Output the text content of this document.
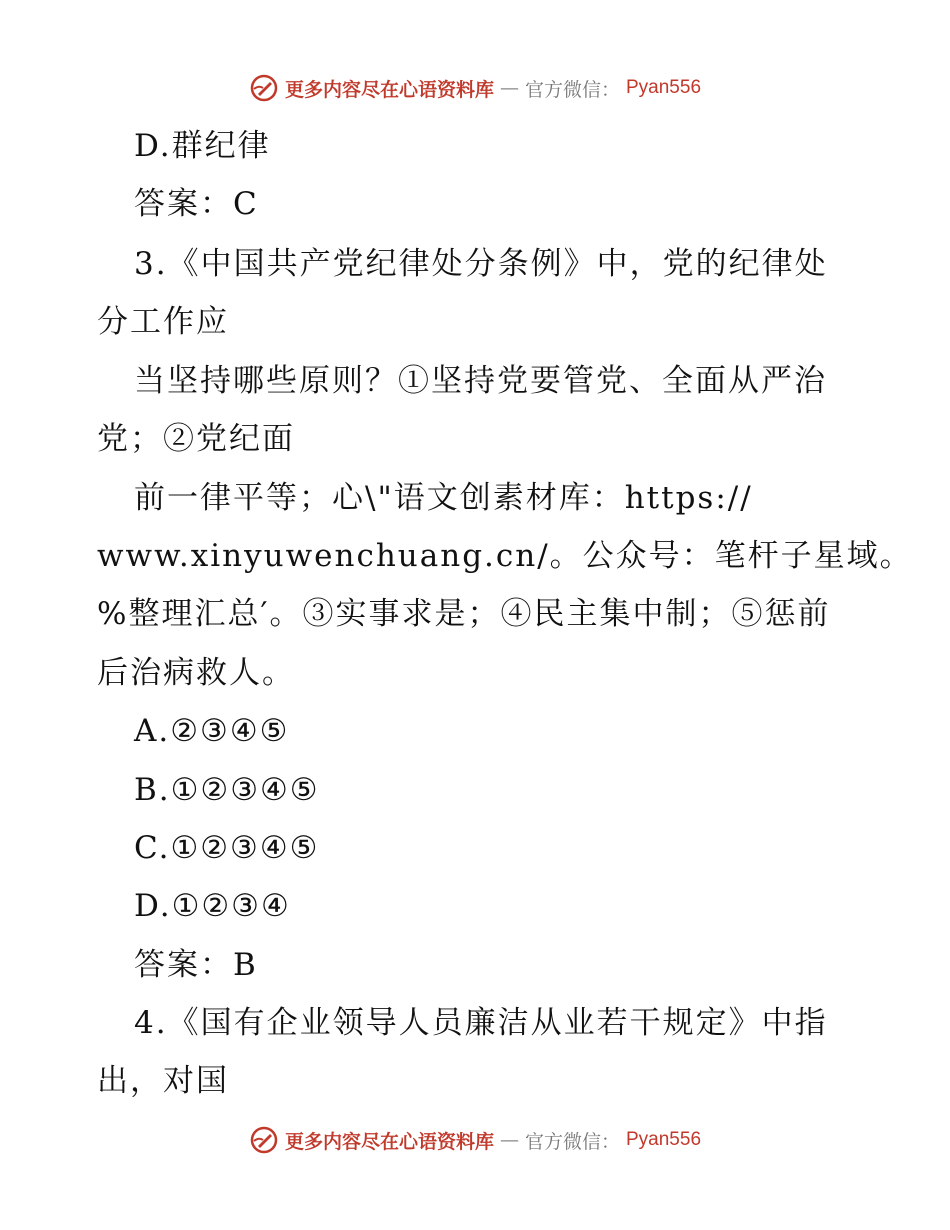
更多内容尽在心语资料库 — 官方微信： Pyan556
D.群纪律
答案：C
3.《中国共产党纪律处分条例》中，党的纪律处
分工作应
当坚持哪些原则？①坚持党要管党、全面从严治
党；②党纪面
前一律平等；心\"语文创素材库：https://
www.xinyuwenchuang.cn/。公众号：笔杆子星域。
%整理汇总′。③实事求是；④民主集中制；⑤惩前
后治病救人。
A.②③④⑤
B.①②③④⑤
C.①②③④⑤
D.①②③④
答案：B
4.《国有企业领导人员廉洁从业若干规定》中指
出，对国
更多内容尽在心语资料库 — 官方微信： Pyan556
